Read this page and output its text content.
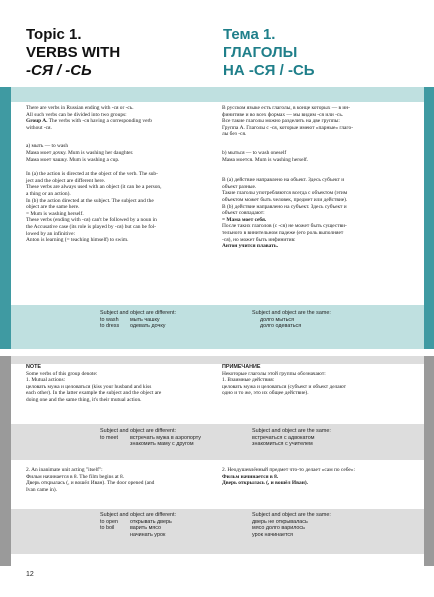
Topic 1.
VERBS WITH
-СЯ / -СЬ
Тема 1.
ГЛАГОЛЫ
НА -СЯ / -СЬ
There are verbs in Russian ending with -ся or -сь.
All such verbs can be divided into two groups:
Group A. The verbs with -ся having a corresponding verb
without -ся.
a) мыть — to wash
Мама моет дочку. Mum is washing her daughter.
Мама моет чашку. Mum is washing a cup.
In (a) the action is directed at the object of the verb. The sub-
ject and the object are different here.
These verbs are always used with an object (it can be a person,
a thing or an action).
In (b) the action directed at the subject. The subject and the
object are the same here.
= Mum is washing herself.
These verbs (ending with -ся) can't be followed by a noun in
the Accusative case (its role is played by -ся) but can be fol-
lowed by an infinitive:
Anton is learning (= teaching himself) to swim.
Subject and object are different:
to wash мыть чашку
to dress одевать дочку
NOTE
Some verbs of this group denote:
1. Mutual actions:
целовать мужа и целоваться (kiss your husband and kiss
each other). In the latter example the subject and the object are
doing one and the same thing, it's their mutual action.
Subject and object are different:
to meet встречать мужа в аэропорту
знакомить маму с другом
2. An inanimate unit acting "itself":
Фильм начинается в 8. The film begins at 8.
Дверь открылась (, и вошёл Иван). The door opened (and
Ivan came in).
Subject and object are different:
to open открывать дверь
to boil	варить мясо
начинать урок
В русском языке есть глаголы, в конце которых — в ин-
финитиве и во всех формах — мы видим -ся или -сь.
Все такие глаголы можно разделить на две группы:
Группа А. Глаголы с -ся, которые имеют «парные» глаго-
лы без -ся.
b) мыться — to wash oneself
Мама моется. Mum is washing herself.
В (а) действие направлено на объект. Здесь субъект и
объект разные.
Такие глаголы употребляются всегда с объектом (этим
объектом может быть человек, предмет или действие).
В (b) действие направлено на субъект. Здесь субъект и
объект совпадают:
= Мама моет себя.
После таких глаголов (с -ся) не может быть существи-
тельного в винительном падеже (его роль выполняет
-ся), но может быть инфинитив:
Антон учится плавать.
Subject and object are the same:
долго мыться
долго одеваться
ПРИМЕЧАНИЕ
Некоторые глаголы этой группы обозначают:
1. Взаимные действия:
целовать мужа и целоваться (субъект и объект делают
одно и то же, это их общее действие).
Subject and object are the same:
встречаться с адвокатом
знакомиться с учителем
2. Неодушевлённый предмет что-то делает «сам по себе»:
Фильм начинается в 8.
Дверь открылась (, и вошёл Иван).
Subject and object are the same:
дверь не открывалась
мясо долго варилось
урок начинается
12
